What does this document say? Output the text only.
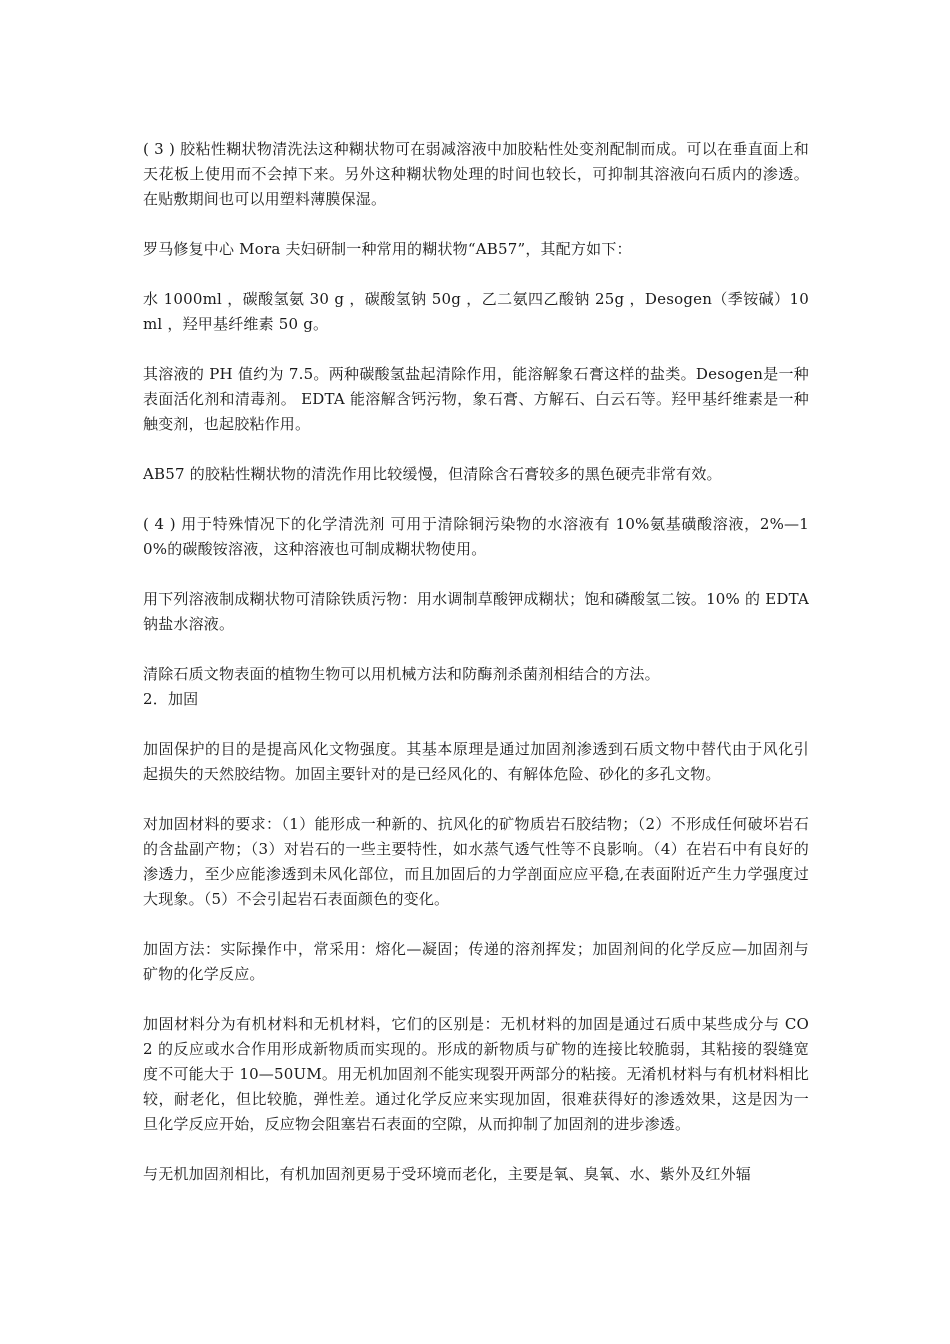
( 3 ) 胶粘性糊状物清洗法这种糊状物可在弱减溶液中加胶粘性处变剂配制而成。可以在垂直面上和天花板上使用而不会掉下来。另外这种糊状物处理的时间也较长，可抑制其溶液向石质内的渗透。在贴敷期间也可以用塑料薄膜保湿。

罗马修复中心 Mora 夫妇研制一种常用的糊状物“AB57”，其配方如下：

水 1000ml ，碳酸氢氨 30 g ，碳酸氢钠 50g ，乙二氨四乙酸钠 25g ，Desogen（季铵碱）10 ml ，羟甲基纤维素 50 g。

其溶液的 PH 值约为 7.5。两种碳酸氢盐起清除作用，能溶解象石膏这样的盐类。Desogen是一种表面活化剂和清毒剂。 EDTA 能溶解含钙污物，象石膏、方解石、白云石等。羟甲基纤维素是一种触变剂，也起胶粘作用。

AB57 的胶粘性糊状物的清洗作用比较缓慢，但清除含石膏较多的黑色硬壳非常有效。

( 4 ) 用于特殊情况下的化学清洗剂 可用于清除铜污染物的水溶液有 10%氨基磺酸溶液，2%—10%的碳酸铵溶液，这种溶液也可制成糊状物使用。

用下列溶液制成糊状物可清除铁质污物：用水调制草酸钾成糊状；饱和磷酸氢二铵。10% 的 EDTA 钠盐水溶液。

清除石质文物表面的植物生物可以用机械方法和防酶剂杀菌剂相结合的方法。

2．加固

加固保护的目的是提高风化文物强度。其基本原理是通过加固剂渗透到石质文物中替代由于风化引起损失的天然胶结物。加固主要针对的是已经风化的、有解体危险、砂化的多孔文物。

对加固材料的要求：（1）能形成一种新的、抗风化的矿物质岩石胶结物；（2）不形成任何破坏岩石的含盐副产物；（3）对岩石的一些主要特性，如水蒸气透气性等不良影响。（4）在岩石中有良好的渗透力，至少应能渗透到未风化部位，而且加固后的力学剖面应应平稳,在表面附近产生力学强度过大现象。（5）不会引起岩石表面颜色的变化。

加固方法：实际操作中，常采用：熔化—凝固；传递的溶剂挥发；加固剂间的化学反应—加固剂与矿物的化学反应。

加固材料分为有机材料和无机材料，它们的区别是：无机材料的加固是通过石质中某些成分与 CO 2 的反应或水合作用形成新物质而实现的。形成的新物质与矿物的连接比较脆弱，其粘接的裂缝宽度不可能大于 10—50UM。用无机加固剂不能实现裂开两部分的粘接。无淆机材料与有机材料相比较，耐老化，但比较脆，弹性差。通过化学反应来实现加固，很难获得好的渗透效果，这是因为一旦化学反应开始，反应物会阻塞岩石表面的空隙，从而抑制了加固剂的进步渗透。

与无机加固剂相比，有机加固剂更易于受环境而老化，主要是氧、臭氧、水、紫外及红外辐
